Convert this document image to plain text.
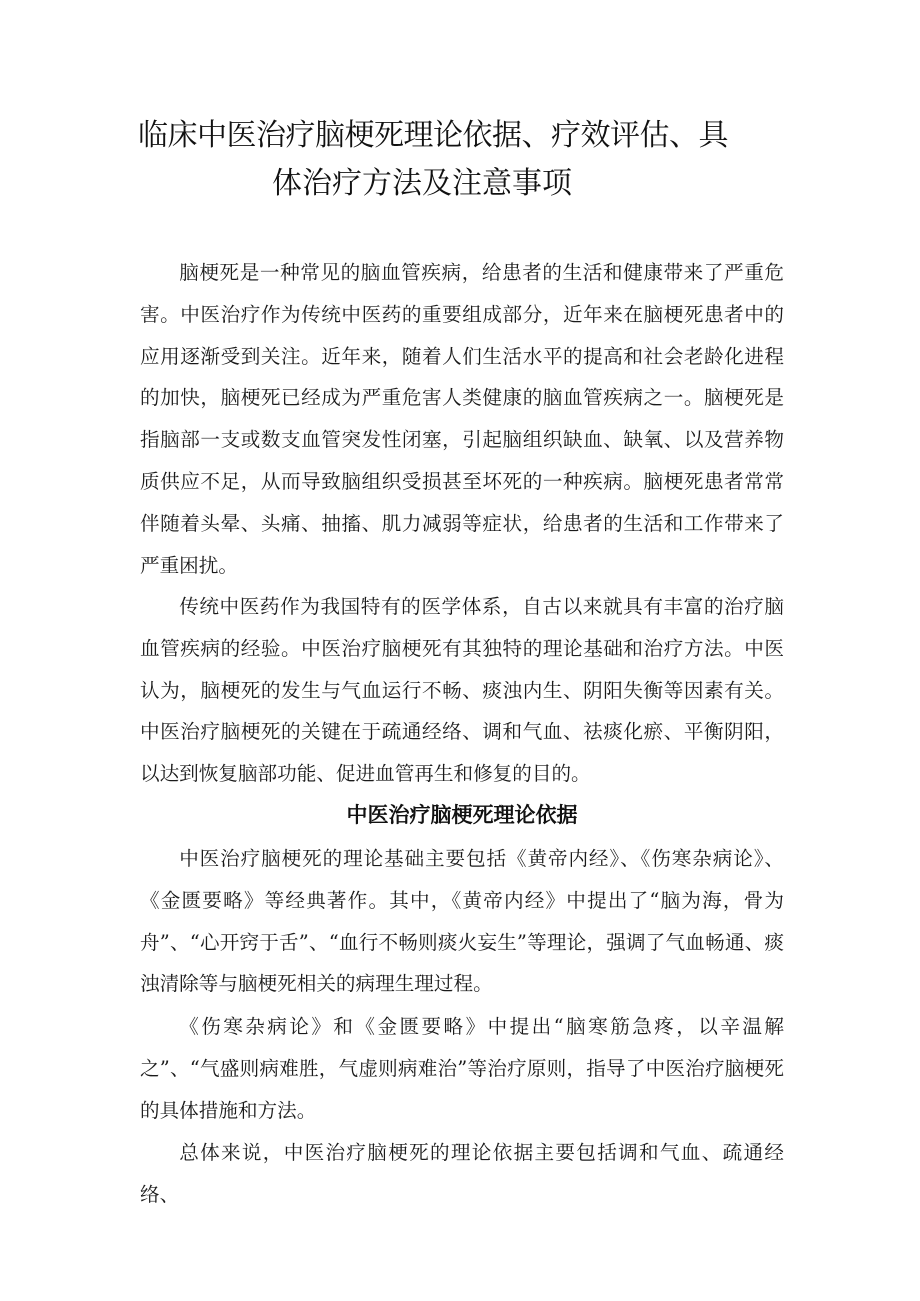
临床中医治疗脑梗死理论依据、疗效评估、具
体治疗方法及注意事项

脑梗死是一种常见的脑血管疾病，给患者的生活和健康带来了严重危害。中医治疗作为传统中医药的重要组成部分，近年来在脑梗死患者中的应用逐渐受到关注。近年来，随着人们生活水平的提高和社会老龄化进程的加快，脑梗死已经成为严重危害人类健康的脑血管疾病之一。脑梗死是指脑部一支或数支血管突发性闭塞，引起脑组织缺血、缺氧、以及营养物质供应不足，从而导致脑组织受损甚至坏死的一种疾病。脑梗死患者常常伴随着头晕、头痛、抽搐、肌力减弱等症状，给患者的生活和工作带来了严重困扰。

传统中医药作为我国特有的医学体系，自古以来就具有丰富的治疗脑血管疾病的经验。中医治疗脑梗死有其独特的理论基础和治疗方法。中医认为，脑梗死的发生与气血运行不畅、痰浊内生、阴阳失衡等因素有关。中医治疗脑梗死的关键在于疏通经络、调和气血、祛痰化瘀、平衡阴阳，以达到恢复脑部功能、促进血管再生和修复的目的。

中医治疗脑梗死理论依据

中医治疗脑梗死的理论基础主要包括《黄帝内经》、《伤寒杂病论》、《金匮要略》等经典著作。其中，《黄帝内经》中提出了“脑为海，骨为舟”、“心开窍于舌”、“血行不畅则痰火妄生”等理论，强调了气血畅通、痰浊清除等与脑梗死相关的病理生理过程。

《伤寒杂病论》和《金匮要略》中提出“脑寒筋急疼，以辛温解之”、“气盛则病难胜，气虚则病难治”等治疗原则，指导了中医治疗脑梗死的具体措施和方法。

总体来说，中医治疗脑梗死的理论依据主要包括调和气血、疏通经络、
